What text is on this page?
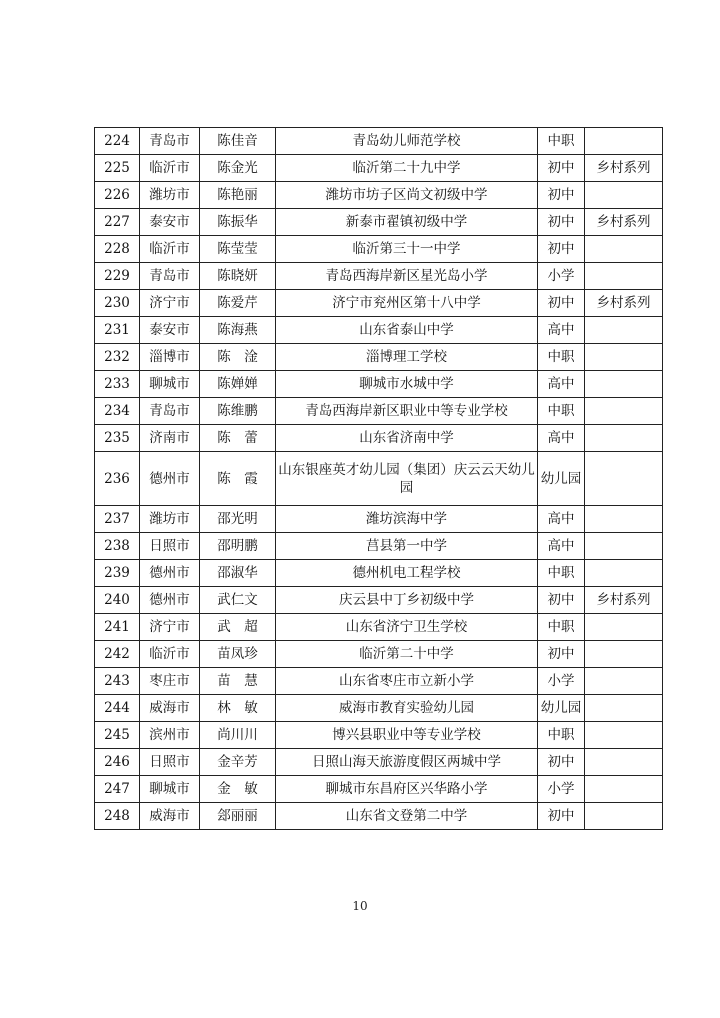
224	青岛市	陈佳音	青岛幼儿师范学校	中职	
225	临沂市	陈金光	临沂第二十九中学	初中	乡村系列
226	潍坊市	陈艳丽	潍坊市坊子区尚文初级中学	初中	
227	泰安市	陈振华	新泰市翟镇初级中学	初中	乡村系列
228	临沂市	陈莹莹	临沂第三十一中学	初中	
229	青岛市	陈晓妍	青岛西海岸新区星光岛小学	小学	
230	济宁市	陈爱芹	济宁市兖州区第十八中学	初中	乡村系列
231	泰安市	陈海燕	山东省泰山中学	高中	
232	淄博市	陈　淦	淄博理工学校	中职	
233	聊城市	陈婵婵	聊城市水城中学	高中	
234	青岛市	陈维鹏	青岛西海岸新区职业中等专业学校	中职	
235	济南市	陈　蕾	山东省济南中学	高中	
236	德州市	陈　霞	山东银座英才幼儿园（集团）庆云云天幼儿园	幼儿园	
237	潍坊市	邵光明	潍坊滨海中学	高中	
238	日照市	邵明鹏	莒县第一中学	高中	
239	德州市	邵淑华	德州机电工程学校	中职	
240	德州市	武仁文	庆云县中丁乡初级中学	初中	乡村系列
241	济宁市	武　超	山东省济宁卫生学校	中职	
242	临沂市	苗凤珍	临沂第二十中学	初中	
243	枣庄市	苗　慧	山东省枣庄市立新小学	小学	
244	威海市	林　敏	威海市教育实验幼儿园	幼儿园	
245	滨州市	尚川川	博兴县职业中等专业学校	中职	
246	日照市	金辛芳	日照山海天旅游度假区两城中学	初中	
247	聊城市	金　敏	聊城市东昌府区兴华路小学	小学	
248	威海市	郐丽丽	山东省文登第二中学	初中	
10
